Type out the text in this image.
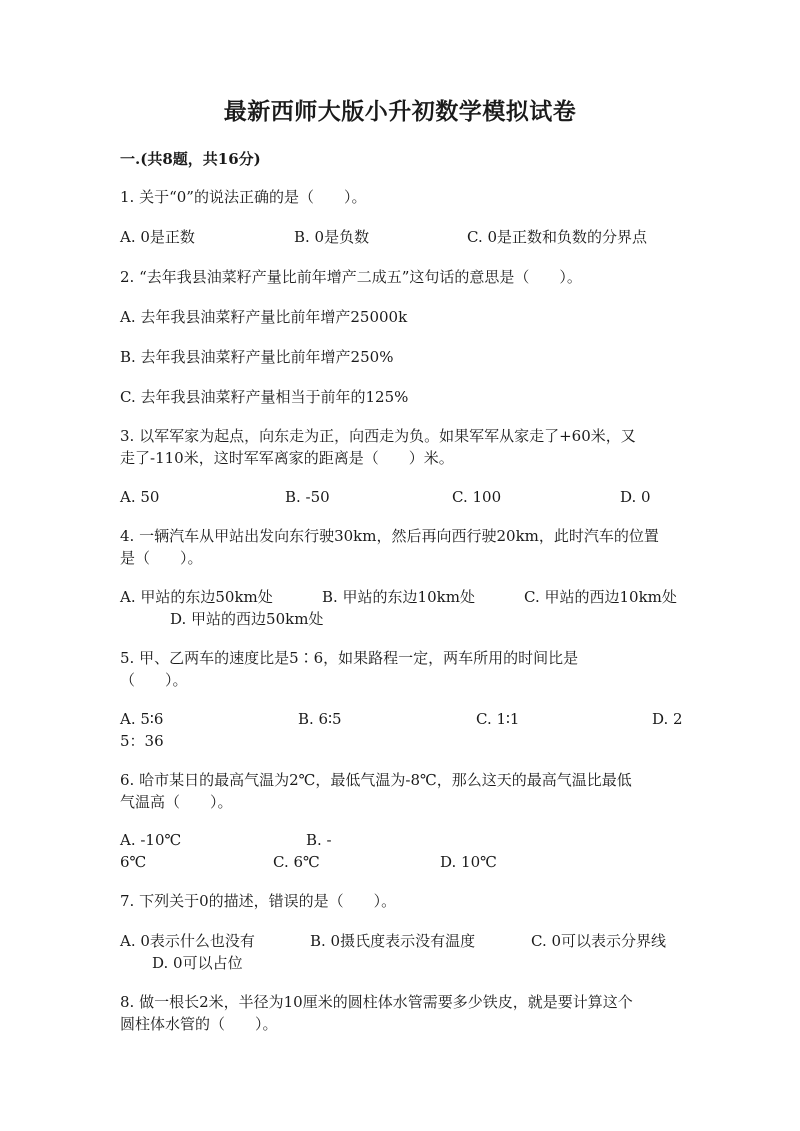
最新西师大版小升初数学模拟试卷
一.(共8题，共16分)
1. 关于“0”的说法正确的是（　　）。
A. 0是正数	B. 0是负数	C. 0是正数和负数的分界点
2. “去年我县油菜籽产量比前年增产二成五”这句话的意思是（　　）。
A. 去年我县油菜籽产量比前年增产25000k
B. 去年我县油菜籽产量比前年增产250%
C. 去年我县油菜籽产量相当于前年的125%
3. 以军军家为起点，向东走为正，向西走为负。如果军军从家走了+60米，又
走了-110米，这时军军离家的距离是（　　）米。
A. 50	B. -50	C. 100	D. 0
4. 一辆汽车从甲站出发向东行驶30km，然后再向西行驶20km，此时汽车的位置
是（　　）。
A. 甲站的东边50km处	B. 甲站的东边10km处	C. 甲站的西边10km处
D. 甲站的西边50km处
5. 甲、乙两车的速度比是5∶6，如果路程一定，两车所用的时间比是
（　　）。
A. 5∶6	B. 6∶5	C. 1∶1	D. 2
5：36
6. 哈市某日的最高气温为2℃，最低气温为-8℃，那么这天的最高气温比最低
气温高（　　）。
A. -10℃	B. -
6℃	C. 6℃	D. 10℃
7. 下列关于0的描述，错误的是（　　）。
A. 0表示什么也没有	B. 0摄氏度表示没有温度	C. 0可以表示分界线
D. 0可以占位
8. 做一根长2米，半径为10厘米的圆柱体水管需要多少铁皮，就是要计算这个
圆柱体水管的（　　）。
